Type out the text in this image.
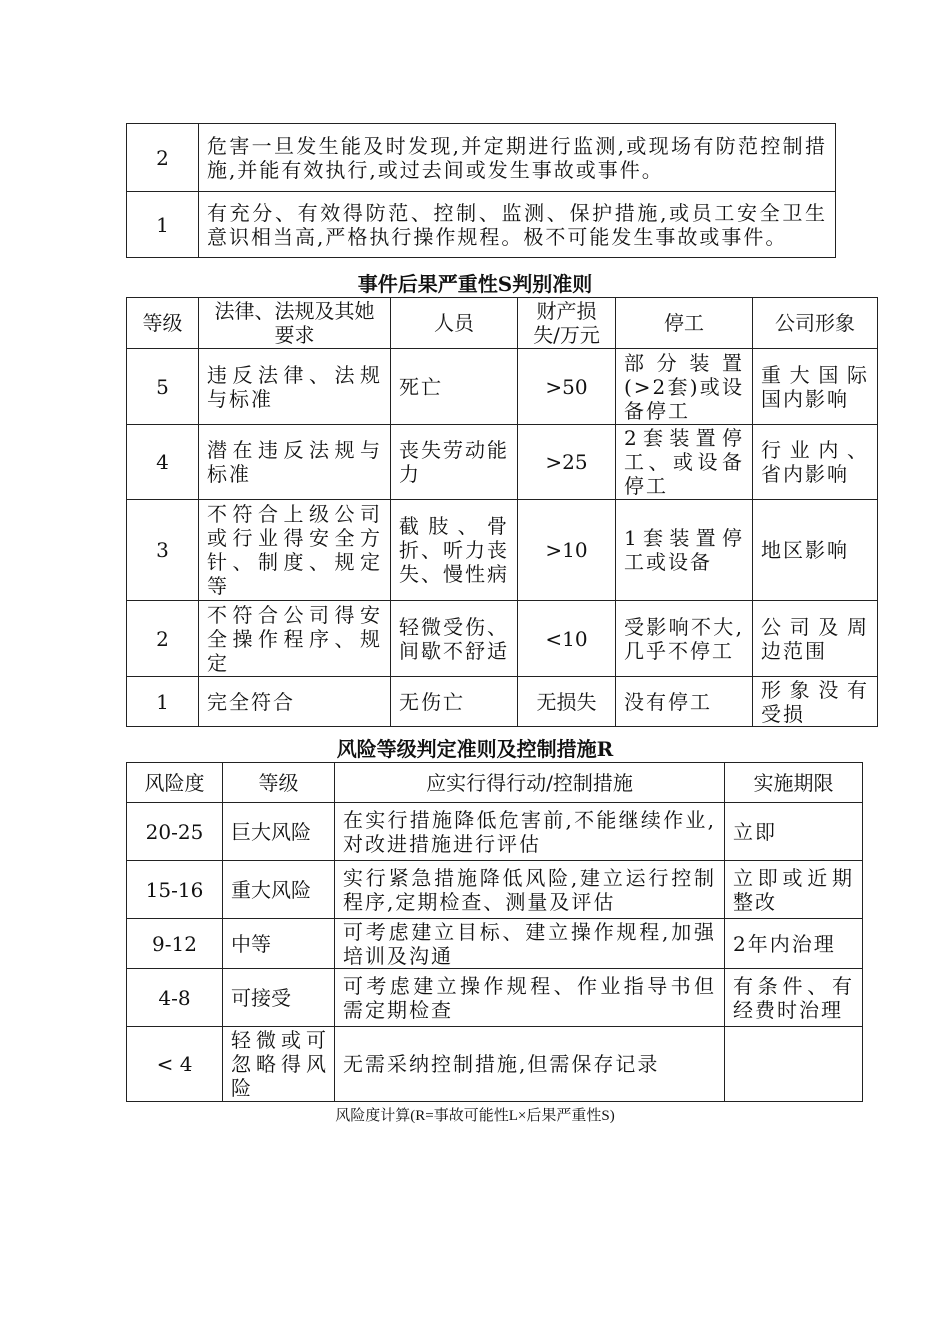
2	危害一旦发生能及时发现,并定期进行监测,或现场有防范控制措施,并能有效执行,或过去间或发生事故或事件。
1	有充分、有效得防范、控制、监测、保护措施,或员工安全卫生意识相当高,严格执行操作规程。极不可能发生事故或事件。
事件后果严重性S判别准则
等级	法律、法规及其她要求	人员	财产损失/万元	停工	公司形象
5	违反法律、法规与标准	死亡	>50	部分装置(>2套)或设备停工	重大国际国内影响
4	潜在违反法规与标准	丧失劳动能力	>25	2套装置停工、或设备停工	行业内、省内影响
3	不符合上级公司或行业得安全方针、制度、规定等	截肢、骨折、听力丧失、慢性病	>10	1套装置停工或设备	地区影响
2	不符合公司得安全操作程序、规定	轻微受伤、间歇不舒适	<10	受影响不大,几乎不停工	公司及周边范围
1	完全符合	无伤亡	无损失	没有停工	形象没有受损
风险等级判定准则及控制措施R
风险度	等级	应实行得行动/控制措施	实施期限
20-25	巨大风险	在实行措施降低危害前,不能继续作业,对改进措施进行评估	立即
15-16	重大风险	实行紧急措施降低风险,建立运行控制程序,定期检查、测量及评估	立即或近期整改
9-12	中等	可考虑建立目标、建立操作规程,加强培训及沟通	2年内治理
4-8	可接受	可考虑建立操作规程、作业指导书但需定期检查	有条件、有经费时治理
< 4	轻微或可忽略得风险	无需采纳控制措施,但需保存记录	
风险度计算(R=事故可能性L×后果严重性S)
